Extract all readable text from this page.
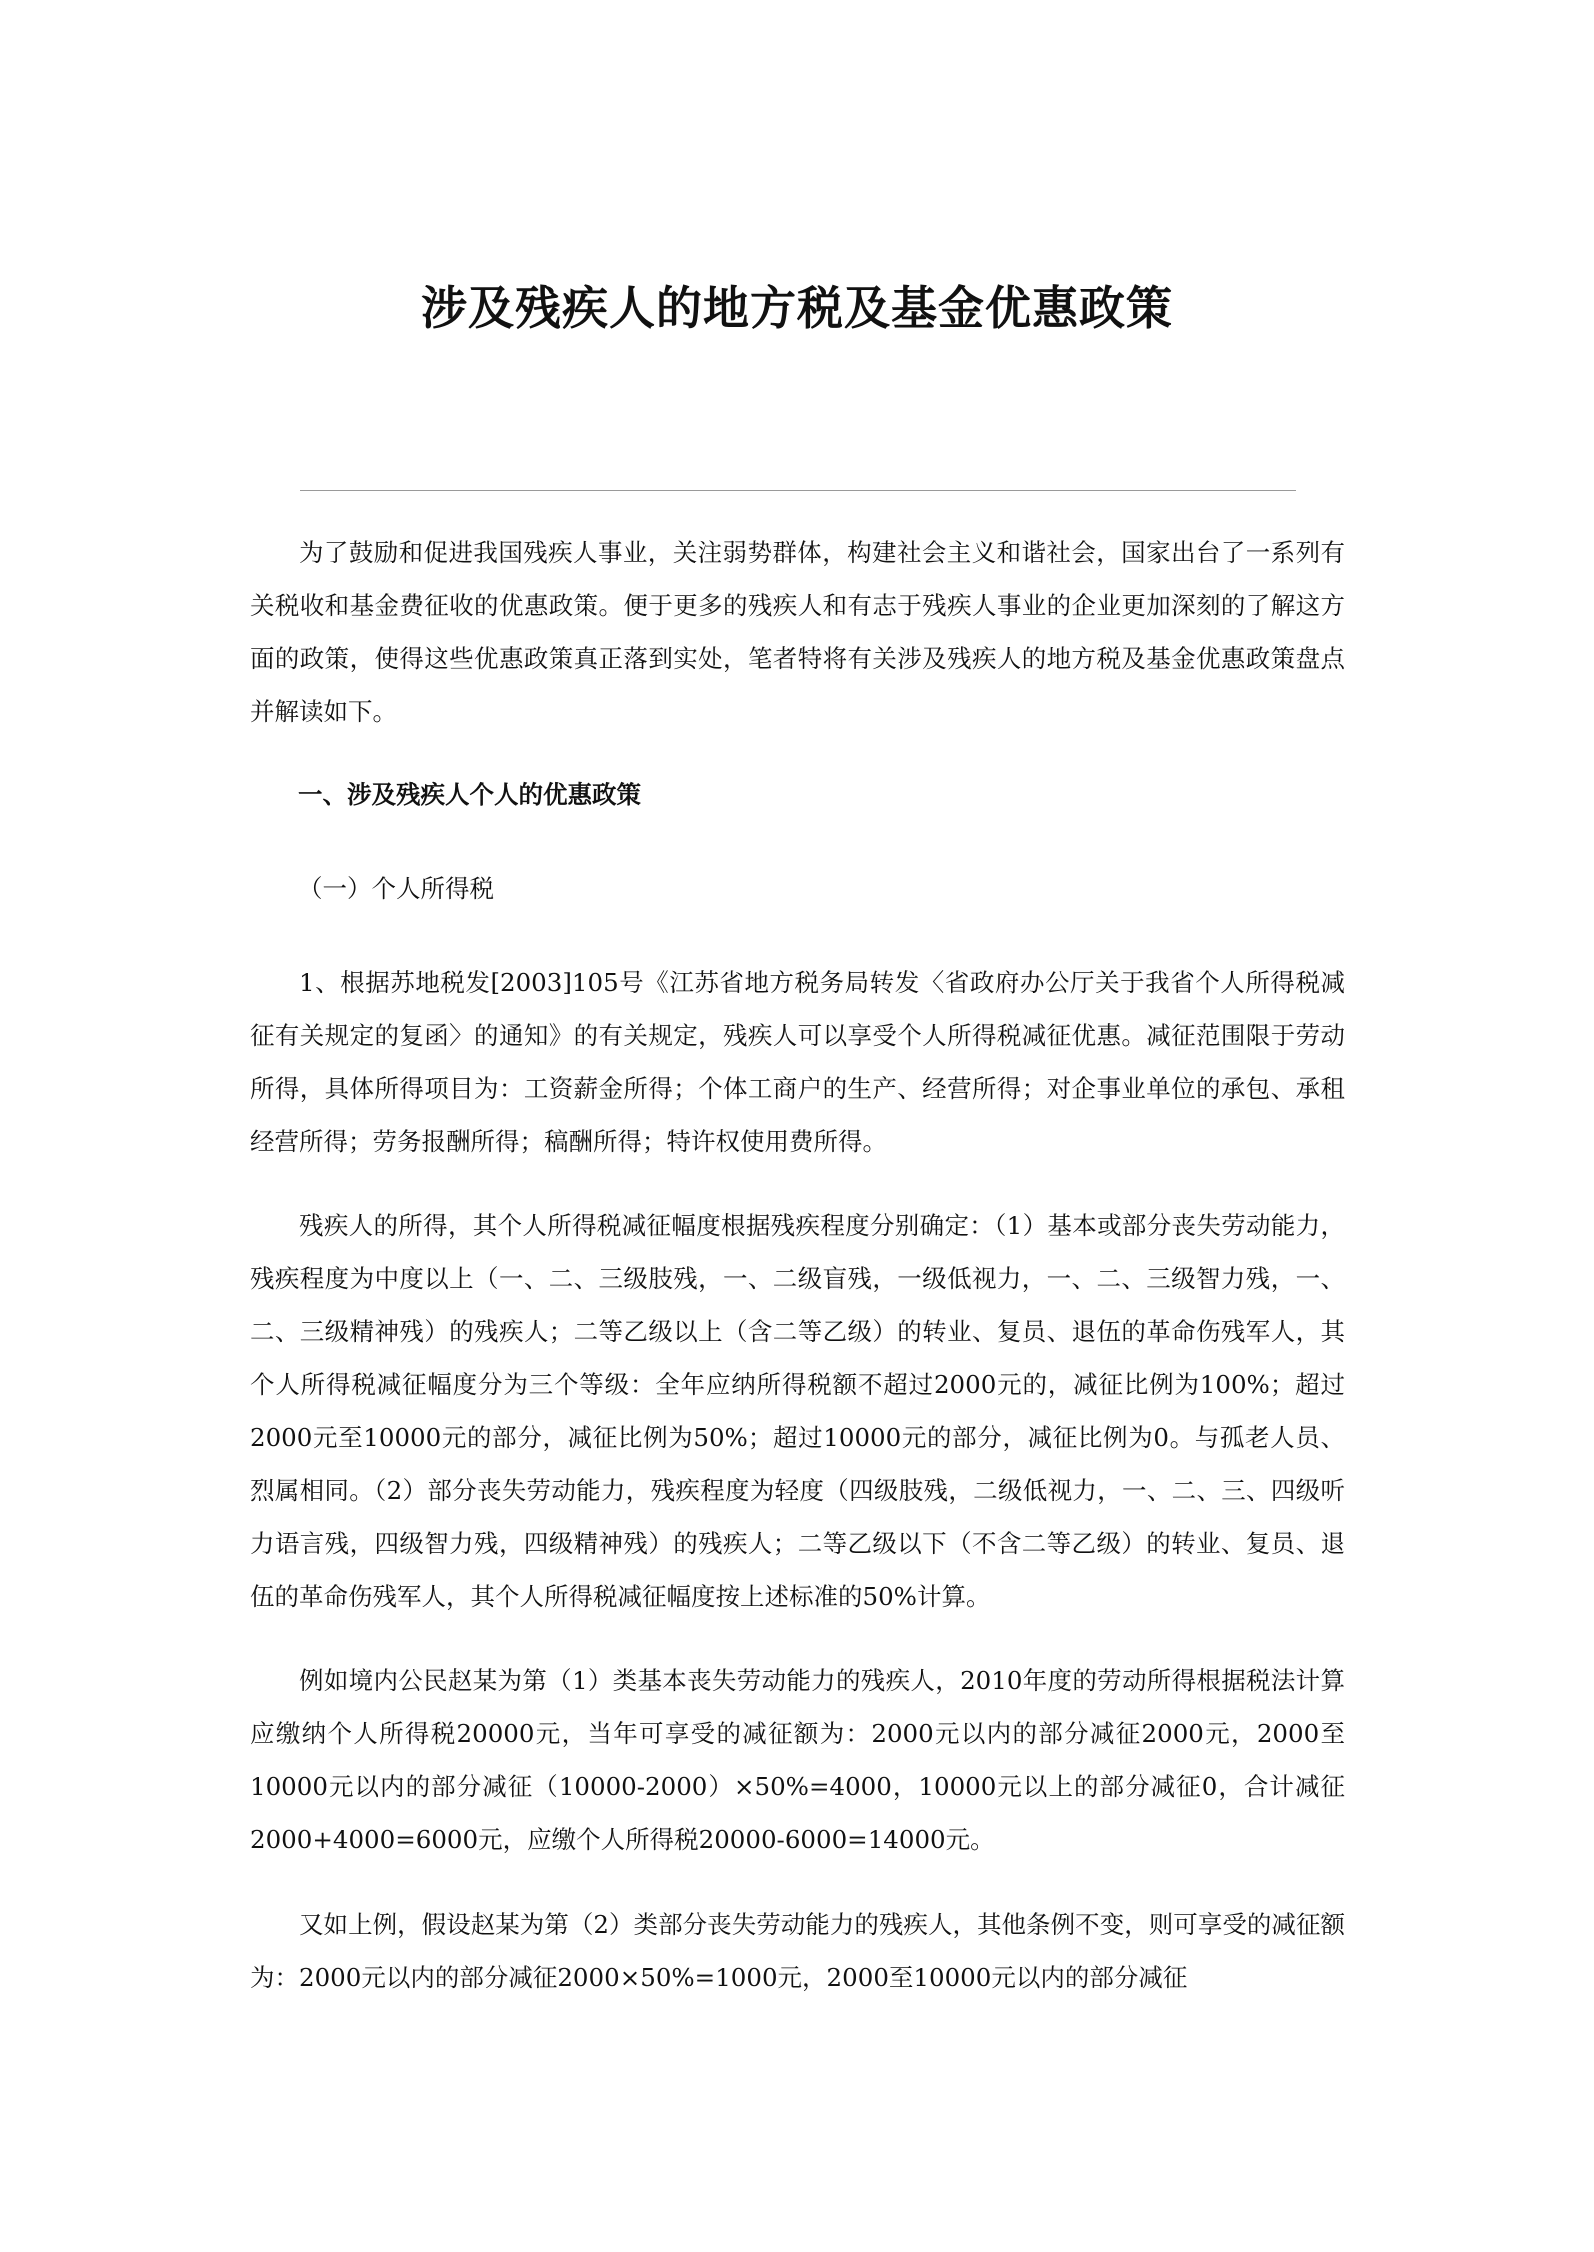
涉及残疾人的地方税及基金优惠政策

为了鼓励和促进我国残疾人事业，关注弱势群体，构建社会主义和谐社会，国家出台了一系列有关税收和基金费征收的优惠政策。便于更多的残疾人和有志于残疾人事业的企业更加深刻的了解这方面的政策，使得这些优惠政策真正落到实处，笔者特将有关涉及残疾人的地方税及基金优惠政策盘点并解读如下。

一、涉及残疾人个人的优惠政策

（一）个人所得税

1、根据苏地税发[2003]105号《江苏省地方税务局转发〈省政府办公厅关于我省个人所得税减征有关规定的复函〉的通知》的有关规定，残疾人可以享受个人所得税减征优惠。减征范围限于劳动所得，具体所得项目为：工资薪金所得；个体工商户的生产、经营所得；对企事业单位的承包、承租经营所得；劳务报酬所得；稿酬所得；特许权使用费所得。

残疾人的所得，其个人所得税减征幅度根据残疾程度分别确定：（1）基本或部分丧失劳动能力，残疾程度为中度以上（一、二、三级肢残，一、二级盲残，一级低视力，一、二、三级智力残，一、二、三级精神残）的残疾人；二等乙级以上（含二等乙级）的转业、复员、退伍的革命伤残军人，其个人所得税减征幅度分为三个等级：全年应纳所得税额不超过2000元的，减征比例为100%；超过2000元至10000元的部分，减征比例为50%；超过10000元的部分，减征比例为0。与孤老人员、烈属相同。（2）部分丧失劳动能力，残疾程度为轻度（四级肢残，二级低视力，一、二、三、四级听力语言残，四级智力残，四级精神残）的残疾人；二等乙级以下（不含二等乙级）的转业、复员、退伍的革命伤残军人，其个人所得税减征幅度按上述标准的50%计算。

例如境内公民赵某为第（1）类基本丧失劳动能力的残疾人，2010年度的劳动所得根据税法计算应缴纳个人所得税20000元，当年可享受的减征额为：2000元以内的部分减征2000元，2000至10000元以内的部分减征（10000-2000）×50%=4000，10000元以上的部分减征0，合计减征2000+4000=6000元，应缴个人所得税20000-6000=14000元。

又如上例，假设赵某为第（2）类部分丧失劳动能力的残疾人，其他条例不变，则可享受的减征额为：2000元以内的部分减征2000×50%=1000元，2000至10000元以内的部分减征
